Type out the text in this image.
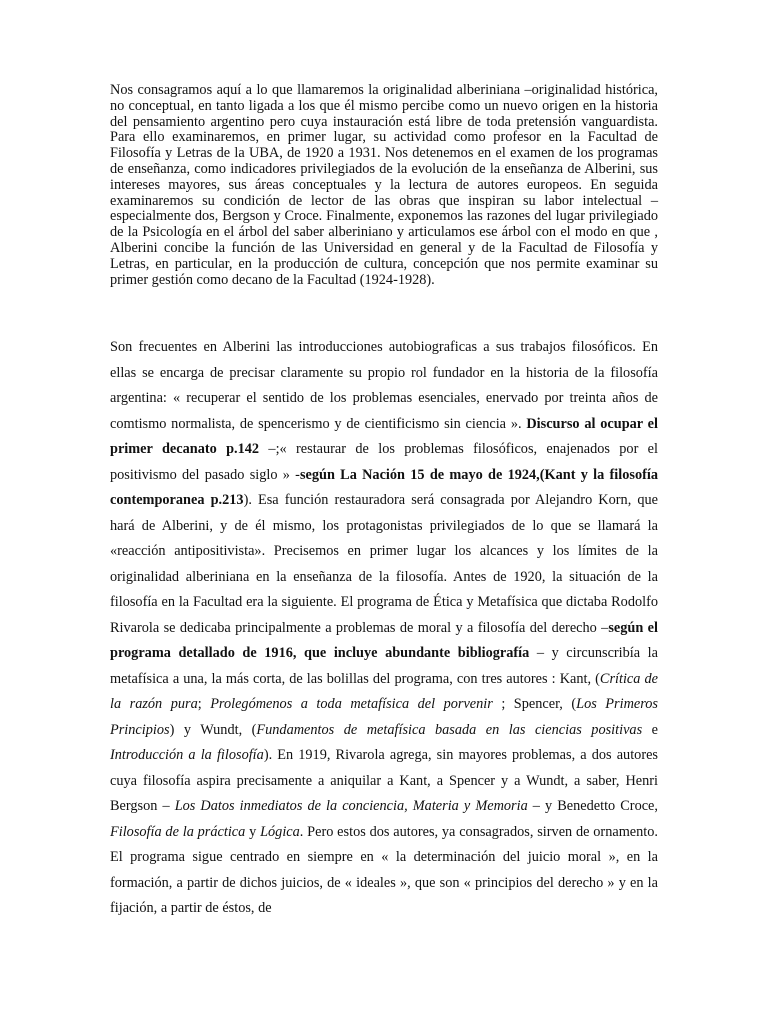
Nos consagramos aquí a lo que llamaremos la originalidad alberiniana –originalidad histórica, no conceptual, en tanto ligada a los que él mismo percibe como un nuevo origen en la historia del pensamiento argentino pero cuya instauración está libre de toda pretensión vanguardista. Para ello examinaremos, en primer lugar, su actividad como profesor en la Facultad de Filosofía y Letras de la UBA, de 1920 a 1931. Nos detenemos en el examen de los programas de enseñanza, como indicadores privilegiados de la evolución de la enseñanza de Alberini, sus intereses mayores, sus áreas conceptuales y la lectura de autores europeos. En seguida examinaremos su condición de lector de las obras que inspiran su labor intelectual –especialmente dos, Bergson y Croce. Finalmente, exponemos las razones del lugar privilegiado de la Psicología en el árbol del saber alberiniano y articulamos ese árbol con el modo en que , Alberini concibe la función de las Universidad en general y de la Facultad de Filosofía y Letras, en particular, en la producción de cultura, concepción que nos permite examinar su primer gestión como decano de la Facultad (1924-1928).

Son frecuentes en Alberini las introducciones autobiograficas a sus trabajos filosóficos. En ellas se encarga de precisar claramente su propio rol fundador en la historia de la filosofía argentina: « recuperar el sentido de los problemas esenciales, enervado por treinta años de comtismo normalista, de spencerismo y de cientificismo sin ciencia ». Discurso al ocupar el primer decanato p.142 –;« restaurar de los problemas filosóficos, enajenados por el positivismo del pasado siglo » -según La Nación 15 de mayo de 1924,(Kant y la filosofía contemporanea p.213). Esa función restauradora será consagrada por Alejandro Korn, que hará de Alberini, y de él mismo, los protagonistas privilegiados de lo que se llamará la «reacción antipositivista». Precisemos en primer lugar los alcances y los límites de la originalidad alberiniana en la enseñanza de la filosofía. Antes de 1920, la situación de la filosofía en la Facultad era la siguiente. El programa de Ética y Metafísica que dictaba Rodolfo Rivarola se dedicaba principalmente a problemas de moral y a filosofía del derecho –según el programa detallado de 1916, que incluye abundante bibliografía – y circunscribía la metafísica a una, la más corta, de las bolillas del programa, con tres autores : Kant, (Crítica de la razón pura; Prolegómenos a toda metafísica del porvenir ; Spencer, (Los Primeros Principios) y Wundt, (Fundamentos de metafísica basada en las ciencias positivas e Introducción a la filosofía). En 1919, Rivarola agrega, sin mayores problemas, a dos autores cuya filosofía aspira precisamente a aniquilar a Kant, a Spencer y a Wundt, a saber, Henri Bergson – Los Datos inmediatos de la conciencia, Materia y Memoria – y Benedetto Croce, Filosofía de la práctica y Lógica. Pero estos dos autores, ya consagrados, sirven de ornamento. El programa sigue centrado en siempre en « la determinación del juicio moral », en la formación, a partir de dichos juicios, de « ideales », que son « principios del derecho » y en la fijación, a partir de éstos, de
